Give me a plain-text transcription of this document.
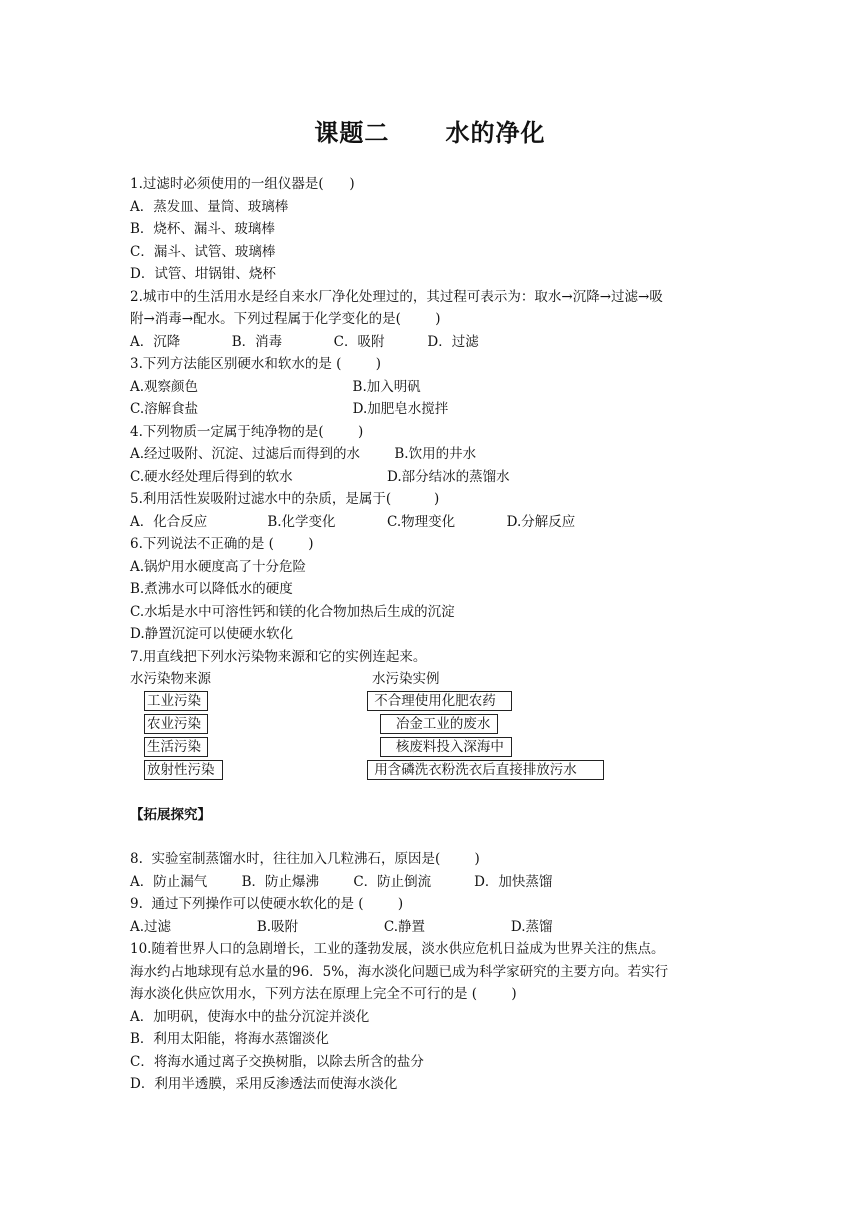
课题二      水的净化
1.过滤时必须使用的一组仪器是(      )
A．蒸发皿、量筒、玻璃棒
B．烧杯、漏斗、玻璃棒
C．漏斗、试管、玻璃棒
D．试管、坩锅钳、烧杯
2.城市中的生活用水是经自来水厂净化处理过的，其过程可表示为：取水→沉降→过滤→吸
附→消毒→配水。下列过程属于化学变化的是(        )
A．沉降            B．消毒            C．吸附          D．过滤
3.下列方法能区别硬水和软水的是 (        )
A.观察颜色                                    B.加入明矾
C.溶解食盐                                    D.加肥皂水搅拌
4.下列物质一定属于纯净物的是(        )
A.经过吸附、沉淀、过滤后而得到的水        B.饮用的井水
C.硬水经处理后得到的软水                      D.部分结冰的蒸馏水
5.利用活性炭吸附过滤水中的杂质，是属于(          )
A．化合反应              B.化学变化            C.物理变化            D.分解反应
6.下列说法不正确的是 (        )
A.锅炉用水硬度高了十分危险
B.煮沸水可以降低水的硬度
C.水垢是水中可溶性钙和镁的化合物加热后生成的沉淀
D.静置沉淀可以使硬水软化
7.用直线把下列水污染物来源和它的实例连起来。
水污染物来源	水污染实例
工业污染
农业污染
生活污染
放射性污染
不合理使用化肥农药
冶金工业的废水
核废料投入深海中
用含磷洗衣粉洗衣后直接排放污水
【拓展探究】
8.  实验室制蒸馏水时，往往加入几粒沸石，原因是(        )
A．防止漏气        B．防止爆沸        C．防止倒流          D．加快蒸馏
9.  通过下列操作可以使硬水软化的是 (        )
A.过滤                    B.吸附                    C.静置                    D.蒸馏
10.随着世界人口的急剧增长，工业的蓬勃发展，淡水供应危机日益成为世界关注的焦点。
海水约占地球现有总水量的96．5%，海水淡化问题已成为科学家研究的主要方向。若实行
海水淡化供应饮用水，下列方法在原理上完全不可行的是 (        )
A．加明矾，使海水中的盐分沉淀并淡化
B．利用太阳能，将海水蒸馏淡化
C．将海水通过离子交换树脂，以除去所含的盐分
D．利用半透膜，采用反渗透法而使海水淡化
